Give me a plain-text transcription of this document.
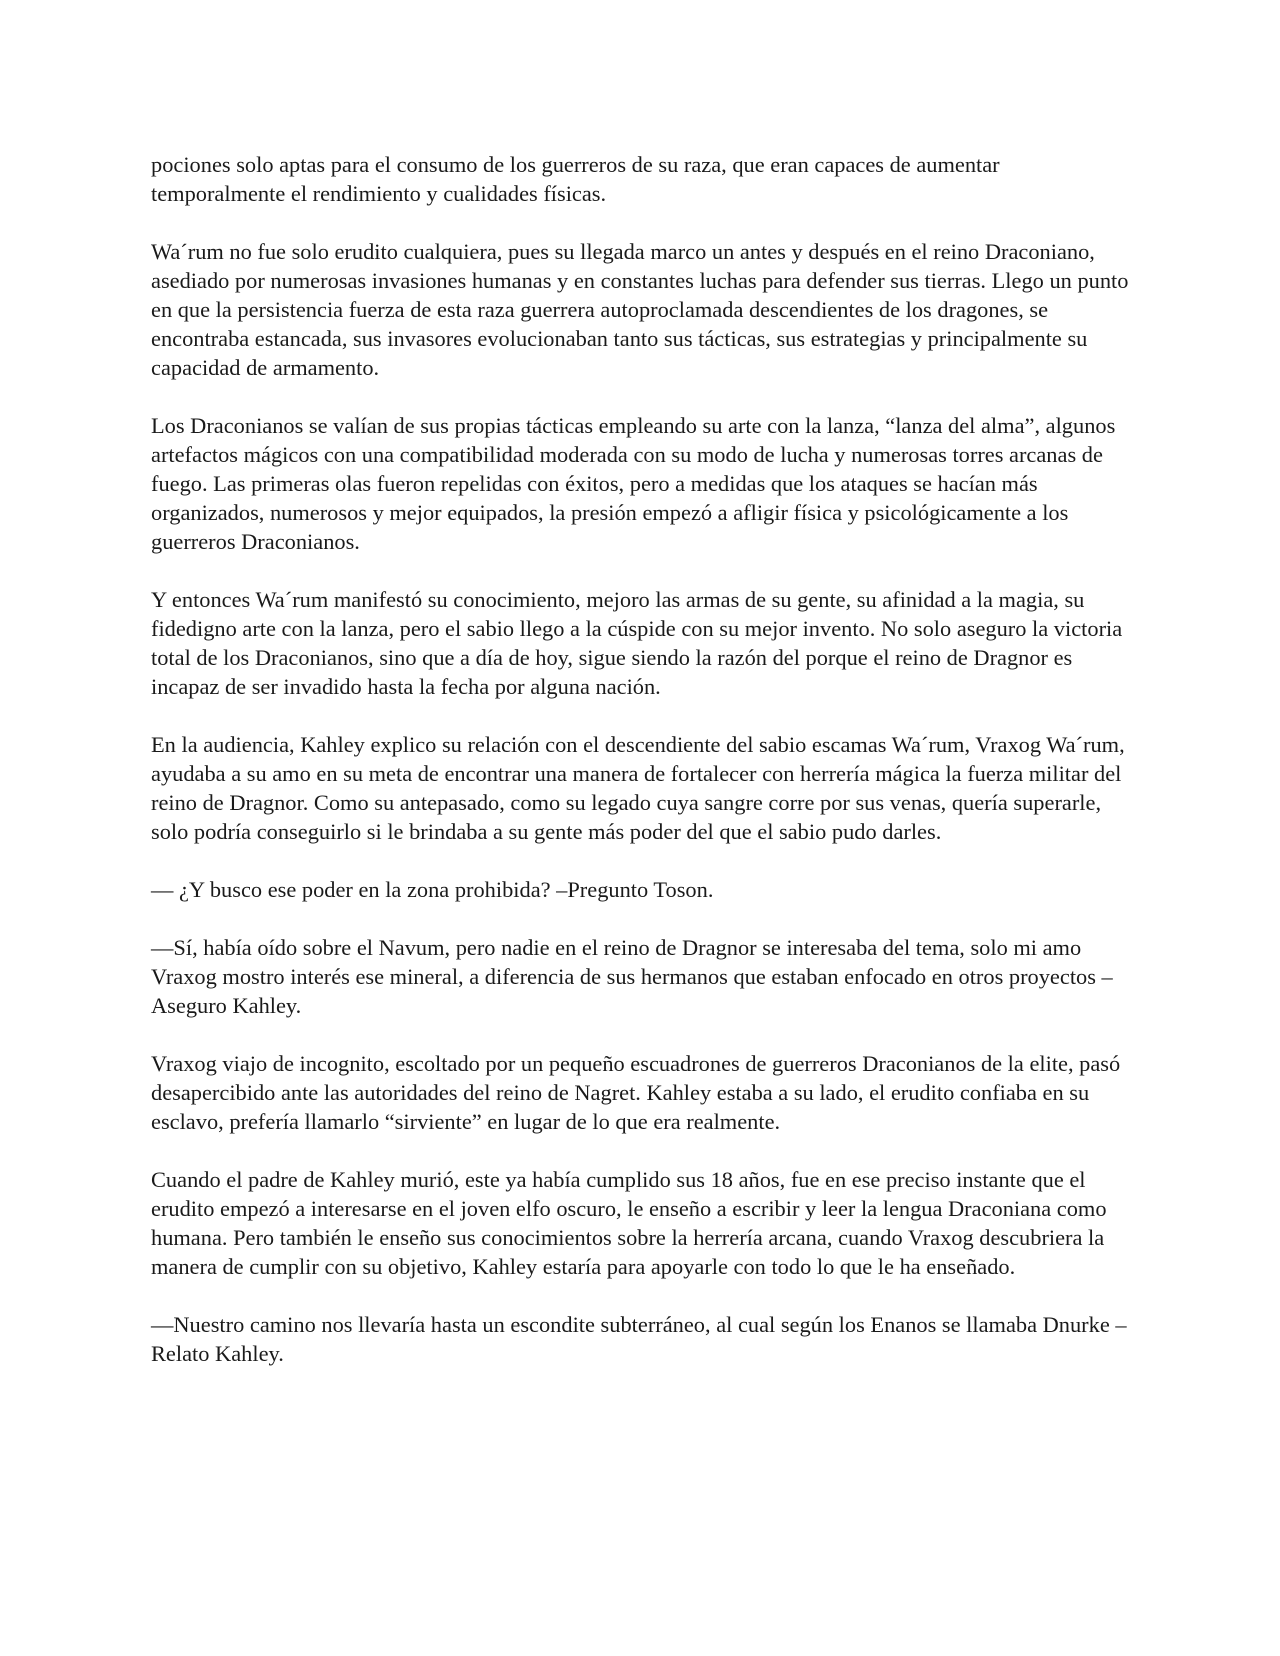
pociones solo aptas para el consumo de los guerreros de su raza, que eran capaces de aumentar temporalmente el rendimiento y cualidades físicas.

Wa´rum no fue solo erudito cualquiera, pues su llegada marco un antes y después en el reino Draconiano, asediado por numerosas invasiones humanas y en constantes luchas para defender sus tierras. Llego un punto en que la persistencia fuerza de esta raza guerrera autoproclamada descendientes de los dragones, se encontraba estancada, sus invasores evolucionaban tanto sus tácticas, sus estrategias y principalmente su capacidad de armamento.

Los Draconianos se valían de sus propias tácticas empleando su arte con la lanza, “lanza del alma”, algunos artefactos mágicos con una compatibilidad moderada con su modo de lucha y numerosas torres arcanas de fuego. Las primeras olas fueron repelidas con éxitos, pero a medidas que los ataques se hacían más organizados, numerosos y mejor equipados, la presión empezó a afligir física y psicológicamente a los guerreros Draconianos.

Y entonces Wa´rum manifestó su conocimiento, mejoro las armas de su gente, su afinidad a la magia, su fidedigno arte con la lanza, pero el sabio llego a la cúspide con su mejor invento. No solo aseguro la victoria total de los Draconianos, sino que a día de hoy, sigue siendo la razón del porque el reino de Dragnor es incapaz de ser invadido hasta la fecha por alguna nación.

En la audiencia, Kahley explico su relación con el descendiente del sabio escamas Wa´rum, Vraxog Wa´rum, ayudaba a su amo en su meta de encontrar una manera de fortalecer con herrería mágica la fuerza militar del reino de Dragnor. Como su antepasado, como su legado cuya sangre corre por sus venas, quería superarle, solo podría conseguirlo si le brindaba a su gente más poder del que el sabio pudo darles.

— ¿Y busco ese poder en la zona prohibida? –Pregunto Toson.

—Sí, había oído sobre el Navum, pero nadie en el reino de Dragnor se interesaba del tema, solo mi amo Vraxog mostro interés ese mineral, a diferencia de sus hermanos que estaban enfocado en otros proyectos –Aseguro Kahley.

Vraxog viajo de incognito, escoltado por un pequeño escuadrones de guerreros Draconianos de la elite, pasó desapercibido ante las autoridades del reino de Nagret. Kahley estaba a su lado, el erudito confiaba en su esclavo, prefería llamarlo “sirviente” en lugar de lo que era realmente.

Cuando el padre de Kahley murió, este ya había cumplido sus 18 años, fue en ese preciso instante que el erudito empezó a interesarse en el joven elfo oscuro, le enseño a escribir y leer la lengua Draconiana como humana. Pero también le enseño sus conocimientos sobre la herrería arcana, cuando Vraxog descubriera la manera de cumplir con su objetivo, Kahley estaría para apoyarle con todo lo que le ha enseñado.

—Nuestro camino nos llevaría hasta un escondite subterráneo, al cual según los Enanos se llamaba Dnurke –Relato Kahley.
